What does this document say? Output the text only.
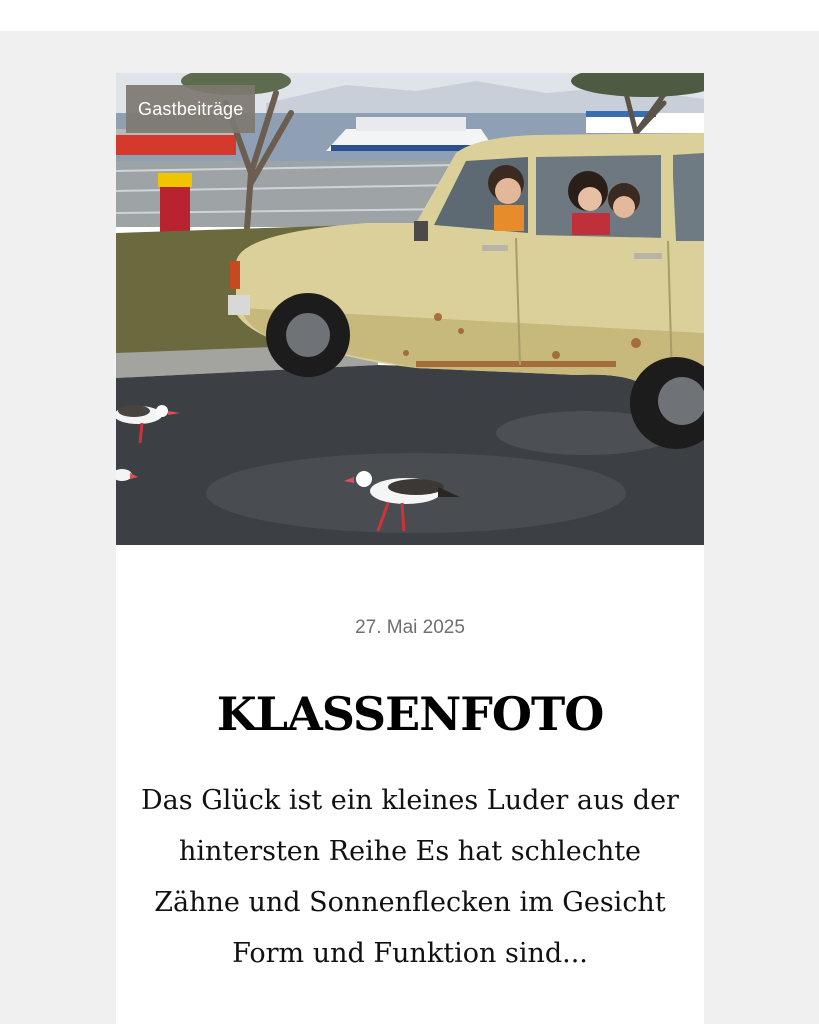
Gastbeiträge
27. Mai 2025
KLASSENFOTO

Das Glück ist ein kleines Luder aus der hintersten Reihe Es hat schlechte Zähne und Sonnenflecken im Gesicht Form und Funktion sind...
